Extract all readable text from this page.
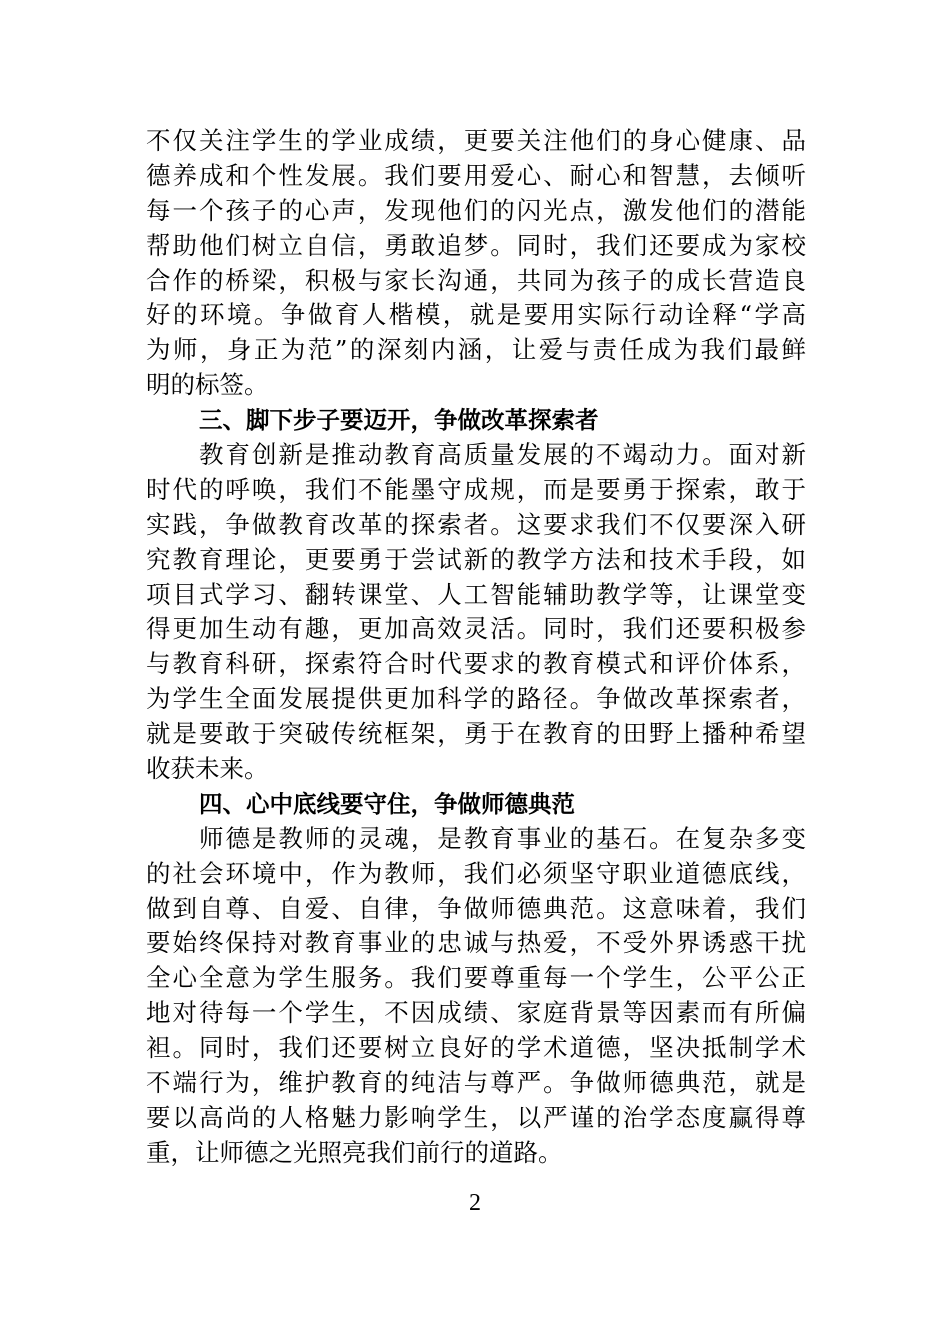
不仅关注学生的学业成绩，更要关注他们的身心健康、品
德养成和个性发展。我们要用爱心、耐心和智慧，去倾听
每一个孩子的心声，发现他们的闪光点，激发他们的潜能
帮助他们树立自信，勇敢追梦。同时，我们还要成为家校
合作的桥梁，积极与家长沟通，共同为孩子的成长营造良
好的环境。争做育人楷模，就是要用实际行动诠释“学高
为师，身正为范”的深刻内涵，让爱与责任成为我们最鲜
明的标签。
三、脚下步子要迈开，争做改革探索者
教育创新是推动教育高质量发展的不竭动力。面对新
时代的呼唤，我们不能墨守成规，而是要勇于探索，敢于
实践，争做教育改革的探索者。这要求我们不仅要深入研
究教育理论，更要勇于尝试新的教学方法和技术手段，如
项目式学习、翻转课堂、人工智能辅助教学等，让课堂变
得更加生动有趣，更加高效灵活。同时，我们还要积极参
与教育科研，探索符合时代要求的教育模式和评价体系，
为学生全面发展提供更加科学的路径。争做改革探索者，
就是要敢于突破传统框架，勇于在教育的田野上播种希望
收获未来。
四、心中底线要守住，争做师德典范
师德是教师的灵魂，是教育事业的基石。在复杂多变
的社会环境中，作为教师，我们必须坚守职业道德底线，
做到自尊、自爱、自律，争做师德典范。这意味着，我们
要始终保持对教育事业的忠诚与热爱，不受外界诱惑干扰
全心全意为学生服务。我们要尊重每一个学生，公平公正
地对待每一个学生，不因成绩、家庭背景等因素而有所偏
袒。同时，我们还要树立良好的学术道德，坚决抵制学术
不端行为，维护教育的纯洁与尊严。争做师德典范，就是
要以高尚的人格魅力影响学生，以严谨的治学态度赢得尊
重，让师德之光照亮我们前行的道路。
2
